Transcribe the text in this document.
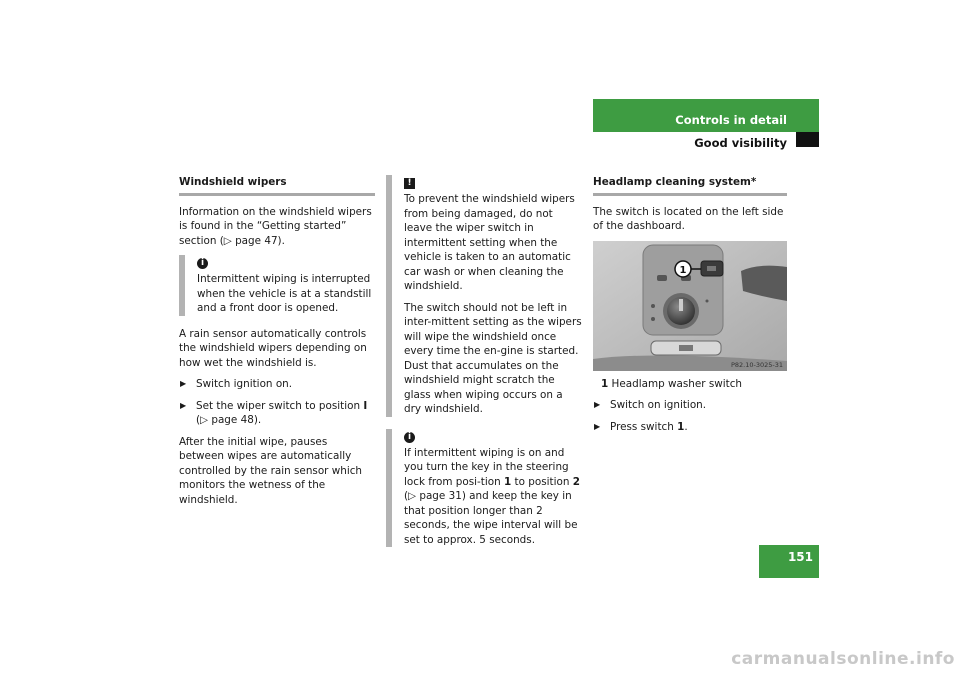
Controls in detail
Good visibility
Windshield wipers

Information on the windshield wipers is found in the “Getting started” section (▷ page 47).

i
Intermittent wiping is interrupted when the vehicle is at a standstill and a front door is opened.

A rain sensor automatically controls the windshield wipers depending on how wet the windshield is.

▶ Switch ignition on.
▶ Set the wiper switch to position I
(▷ page 48).

After the initial wipe, pauses between wipes are automatically controlled by the rain sensor which monitors the wetness of the windshield.

!

To prevent the windshield wipers from being damaged, do not leave the wiper switch in intermittent setting when the vehicle is taken to an automatic car wash or when cleaning the windshield.

The switch should not be left in inter-mittent setting as the wipers will wipe the windshield once every time the en-gine is started. Dust that accumulates on the windshield might scratch the glass when wiping occurs on a dry windshield.

i
If intermittent wiping is on and you turn the key in the steering lock from posi-tion 1 to position 2 (▷ page 31) and keep the key in that position longer than 2 seconds, the wipe interval will be set to approx. 5 seconds.
Headlamp cleaning system*

The switch is located on the left side of the dashboard.

1
P82.10-3025-31
1 Headlamp washer switch
▶ Switch on ignition.
▶ Press switch 1.
151
carmanualsonline.info
